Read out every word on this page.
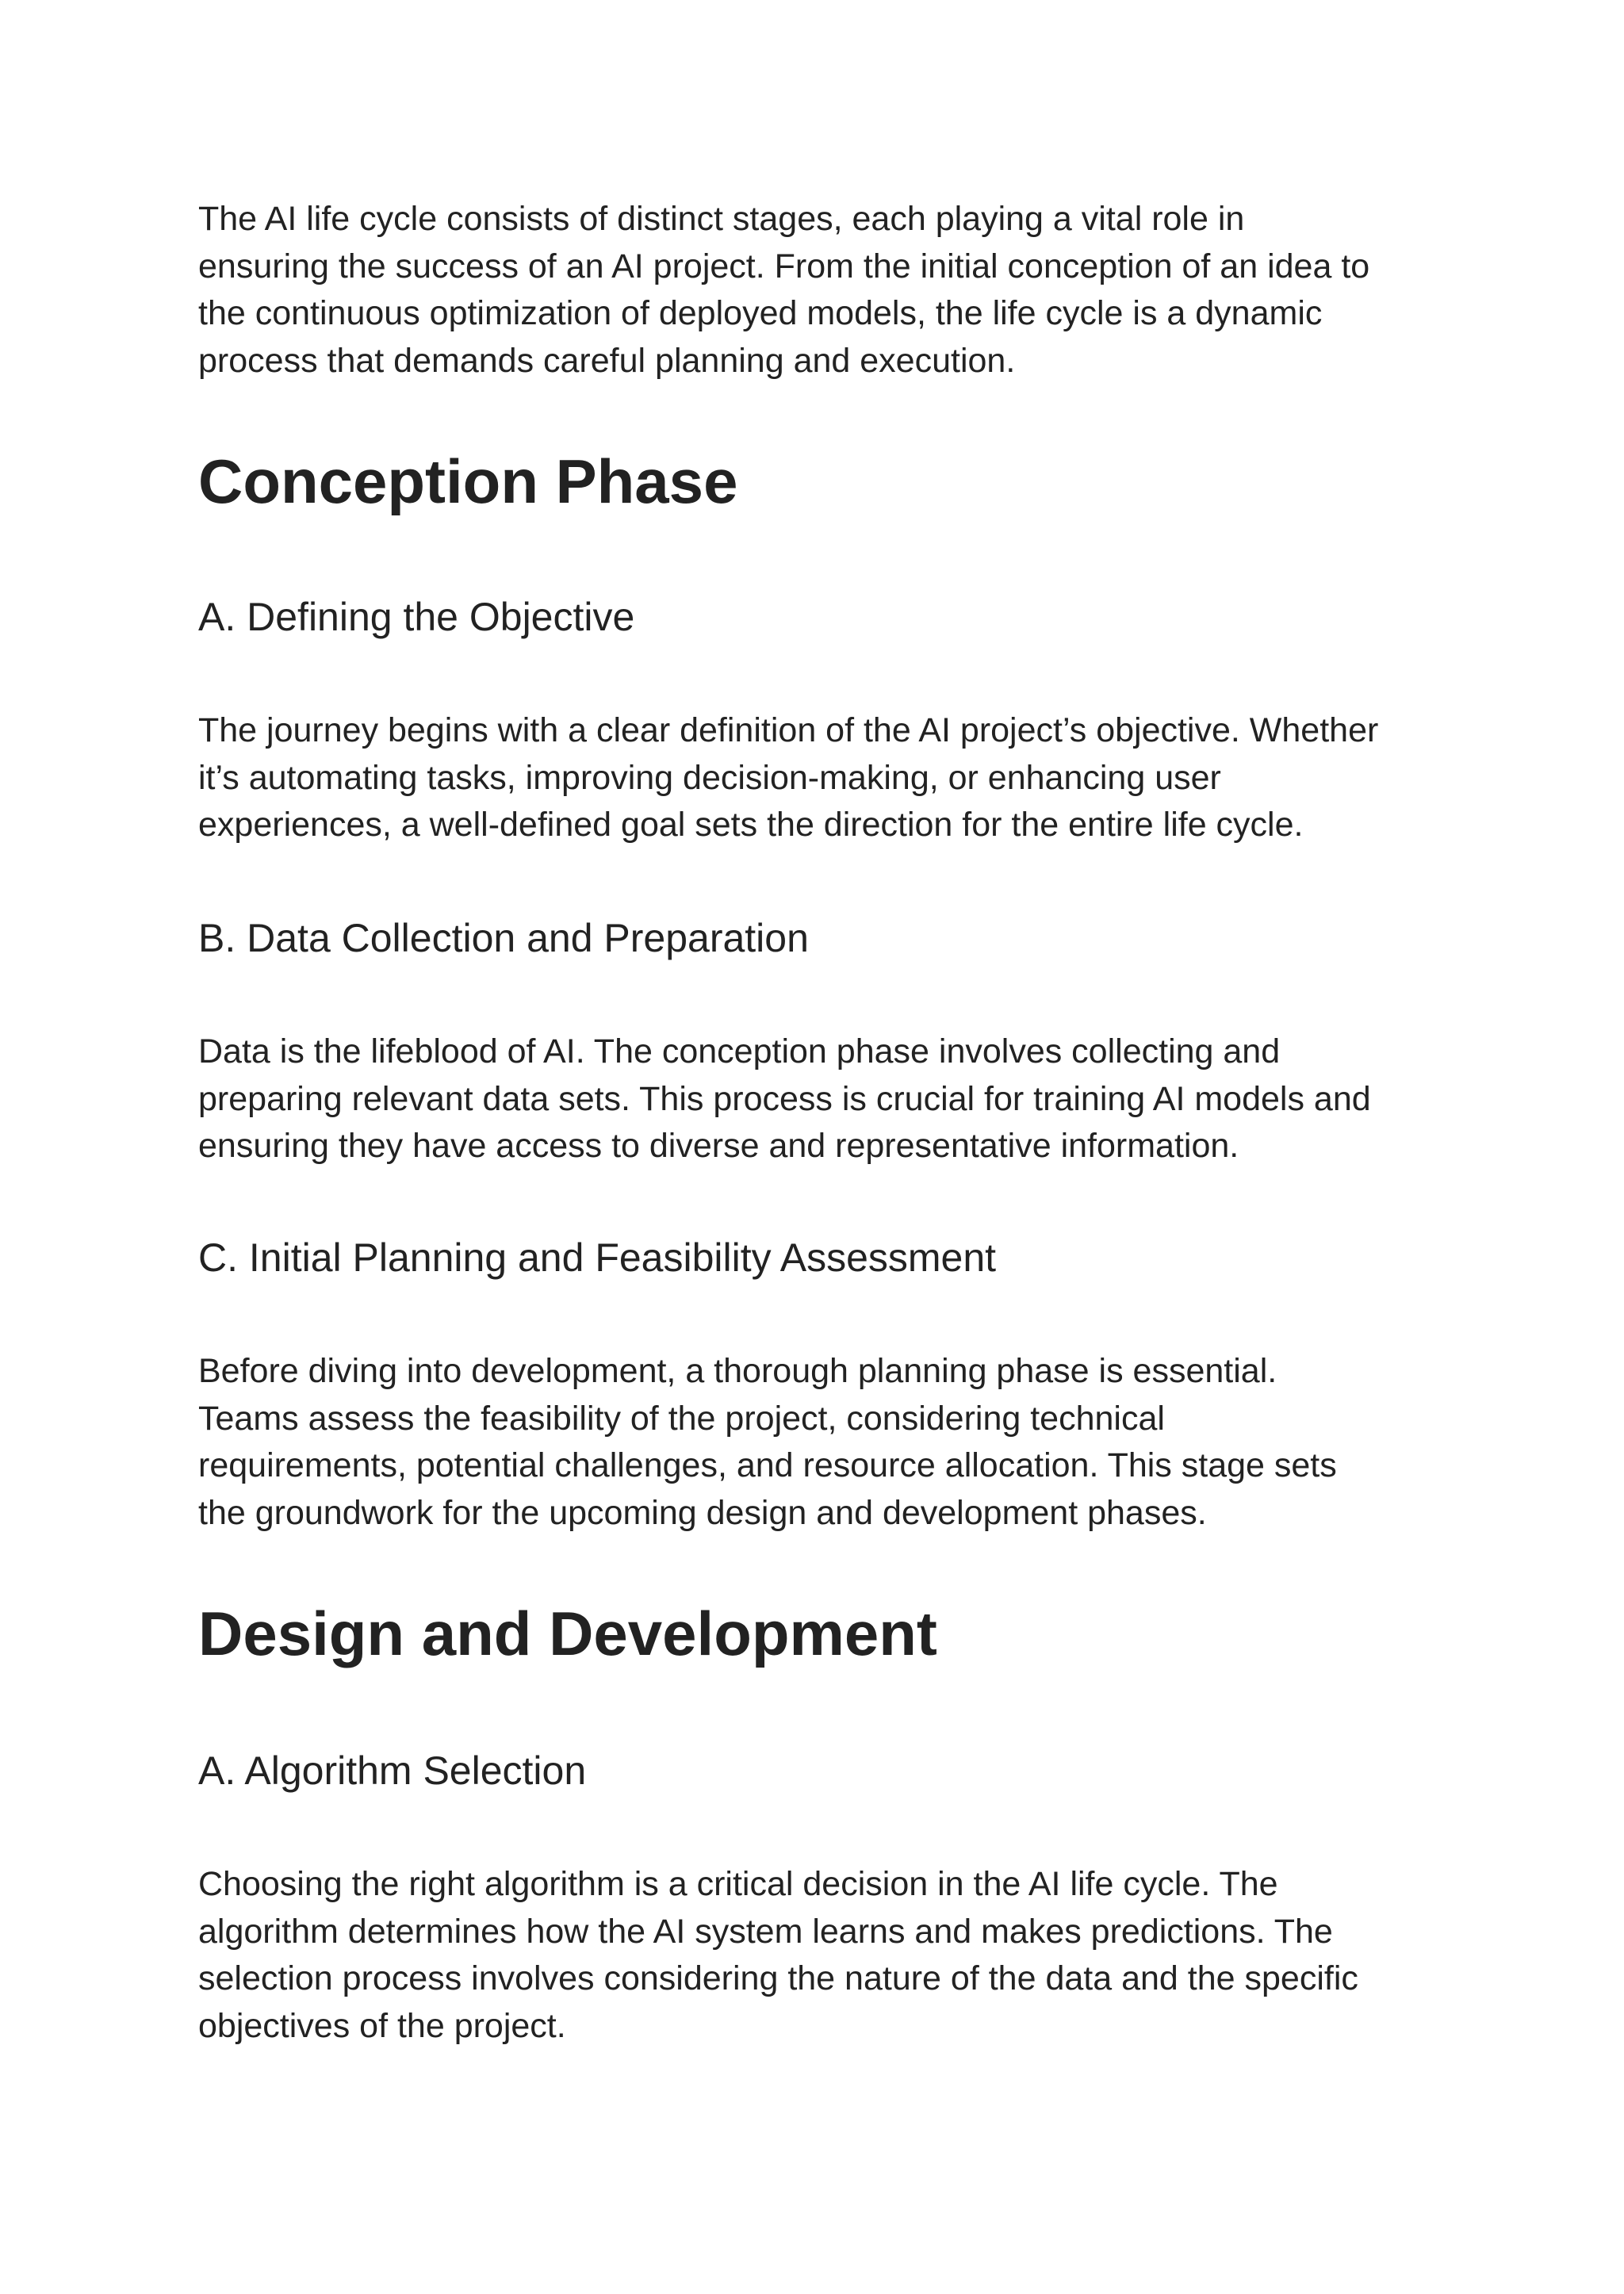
The AI life cycle consists of distinct stages, each playing a vital role in
ensuring the success of an AI project. From the initial conception of an idea to
the continuous optimization of deployed models, the life cycle is a dynamic
process that demands careful planning and execution.

Conception Phase
A. Defining the Objective

The journey begins with a clear definition of the AI project’s objective. Whether
it’s automating tasks, improving decision-making, or enhancing user
experiences, a well-defined goal sets the direction for the entire life cycle.

B. Data Collection and Preparation

Data is the lifeblood of AI. The conception phase involves collecting and
preparing relevant data sets. This process is crucial for training AI models and
ensuring they have access to diverse and representative information.

C. Initial Planning and Feasibility Assessment

Before diving into development, a thorough planning phase is essential.
Teams assess the feasibility of the project, considering technical
requirements, potential challenges, and resource allocation. This stage sets
the groundwork for the upcoming design and development phases.

Design and Development
A. Algorithm Selection

Choosing the right algorithm is a critical decision in the AI life cycle. The
algorithm determines how the AI system learns and makes predictions. The
selection process involves considering the nature of the data and the specific
objectives of the project.
